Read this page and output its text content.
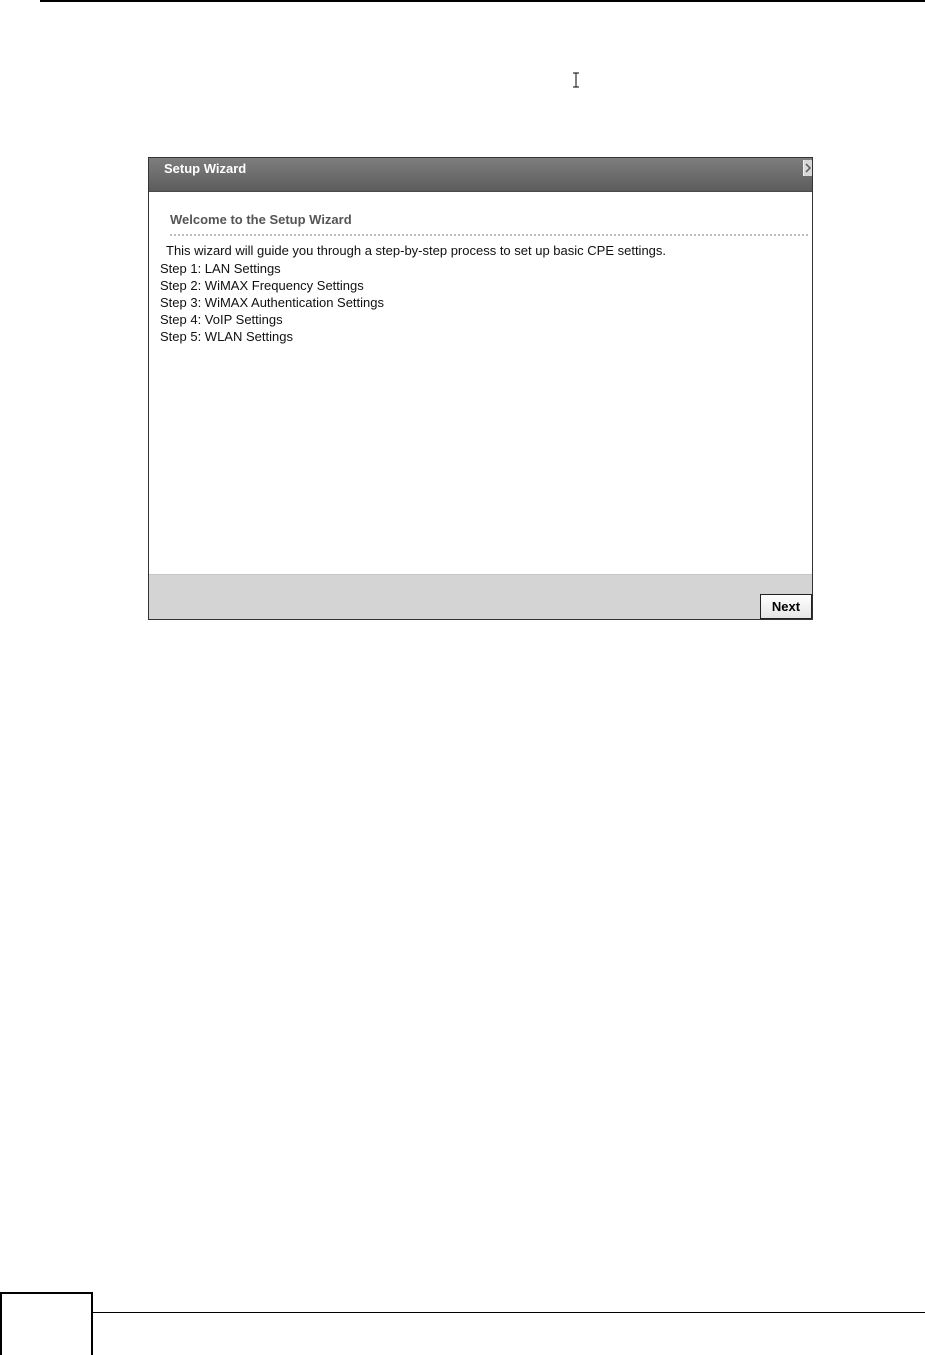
Setup Wizard
Welcome to the Setup Wizard
This wizard will guide you through a step-by-step process to set up basic CPE settings.
Step 1: LAN Settings
Step 2: WiMAX Frequency Settings
Step 3: WiMAX Authentication Settings
Step 4: VoIP Settings
Step 5: WLAN Settings
Next
